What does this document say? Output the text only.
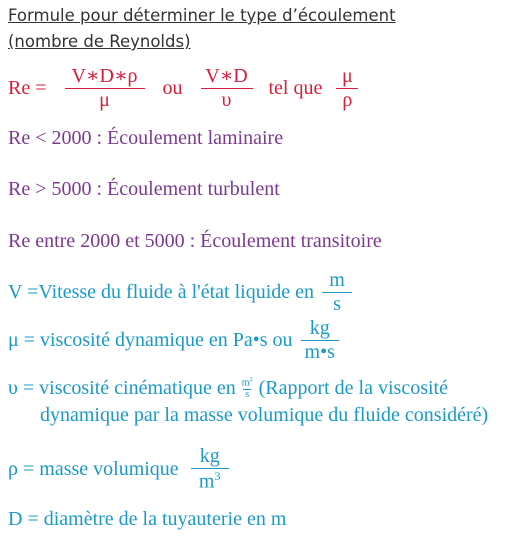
Formule pour déterminer le type d’écoulement
(nombre de Reynolds)
$Re = \frac{V∗D∗\rho}{\mu}$ ou $\frac{V∗D}{\upsilon}$ tel que $\frac{\mu}{\rho}$
Re < 2000 : Écoulement laminaire
Re > 5000 : Écoulement turbulent
Re entre 2000 et 5000 : Écoulement transitoire
V =Vitesse du fluide à l'état liquide en $\frac{m}{s}$
μ = viscosité dynamique en Pa•s ou $\frac{kg}{m•s}$
υ = viscosité cinématique en $\frac{m^2}{s}$ (Rapport de la viscosité
dynamique par la masse volumique du fluide considéré)
ρ = masse volumique $\frac{kg}{m^3}$
D = diamètre de la tuyauterie en m
